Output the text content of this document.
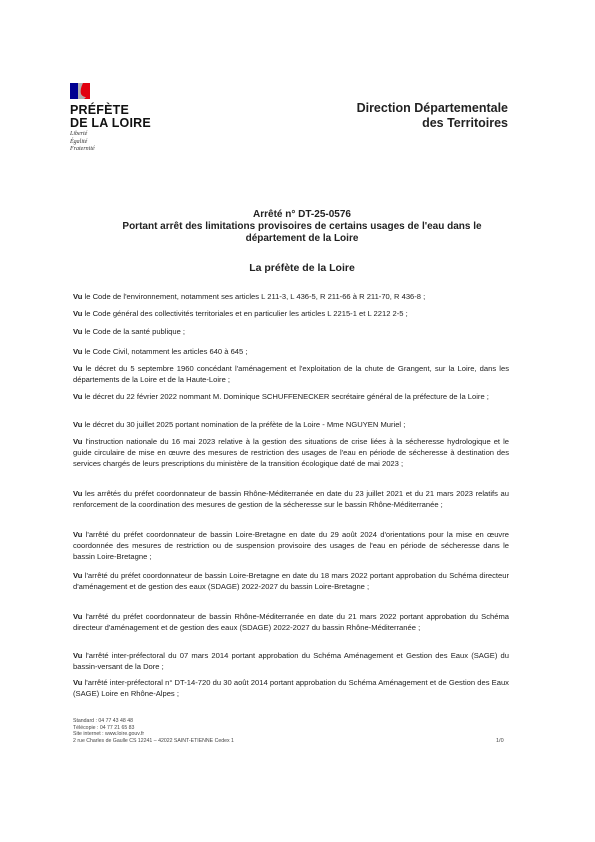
PRÉFÈTE
DE LA LOIRE
Liberté
Égalité
Fraternité
Direction Départementale
des Territoires
Arrêté n° DT-25-0576
Portant arrêt des limitations provisoires de certains usages de l'eau dans le
département de la Loire
La préfète de la Loire
Vu le Code de l'environnement, notamment ses articles L 211-3, L 436-5, R 211-66 à R 211-70, R 436-8 ;
Vu le Code général des collectivités territoriales et en particulier les articles L 2215-1 et L 2212 2-5 ;
Vu le Code de la santé publique ;
Vu le Code Civil, notamment les articles 640 à 645 ;
Vu le décret du 5 septembre 1960 concédant l'aménagement et l'exploitation de la chute de Grangent, sur la Loire, dans les départements de la Loire et de la Haute-Loire ;
Vu le décret du 22 février 2022 nommant M. Dominique SCHUFFENECKER secrétaire général de la préfecture de la Loire ;
Vu le décret du 30 juillet 2025 portant nomination de la préfète de la Loire - Mme NGUYEN Muriel ;
Vu l'instruction nationale du 16 mai 2023 relative à la gestion des situations de crise liées à la sécheresse hydrologique et le guide circulaire de mise en œuvre des mesures de restriction des usages de l'eau en période de sécheresse à destination des services chargés de leurs prescriptions du ministère de la transition écologique daté de mai 2023 ;
Vu les arrêtés du préfet coordonnateur de bassin Rhône-Méditerranée en date du 23 juillet 2021 et du 21 mars 2023 relatifs au renforcement de la coordination des mesures de gestion de la sécheresse sur le bassin Rhône-Méditerranée ;
Vu l'arrêté du préfet coordonnateur de bassin Loire-Bretagne en date du 29 août 2024 d'orientations pour la mise en œuvre coordonnée des mesures de restriction ou de suspension provisoire des usages de l'eau en période de sécheresse dans le bassin Loire-Bretagne ;
Vu l'arrêté du préfet coordonnateur de bassin Loire-Bretagne en date du 18 mars 2022 portant approbation du Schéma directeur d'aménagement et de gestion des eaux (SDAGE) 2022-2027 du bassin Loire-Bretagne ;
Vu l'arrêté du préfet coordonnateur de bassin Rhône-Méditerranée en date du 21 mars 2022 portant approbation du Schéma directeur d'aménagement et de gestion des eaux (SDAGE) 2022-2027 du bassin Rhône-Méditerranée ;
Vu l'arrêté inter-préfectoral du 07 mars 2014 portant approbation du Schéma Aménagement et Gestion des Eaux (SAGE) du bassin-versant de la Dore ;
Vu l'arrêté inter-préfectoral n° DT-14-720 du 30 août 2014 portant approbation du Schéma Aménagement et de Gestion des Eaux (SAGE) Loire en Rhône-Alpes ;
Standard : 04 77 43 48 48
Télécopie : 04 77 21 65 83
Site internet : www.loire.gouv.fr
2 rue Charles de Gaulle CS 12241 – 42022 SAINT-ETIENNE Cedex 1	1/0
